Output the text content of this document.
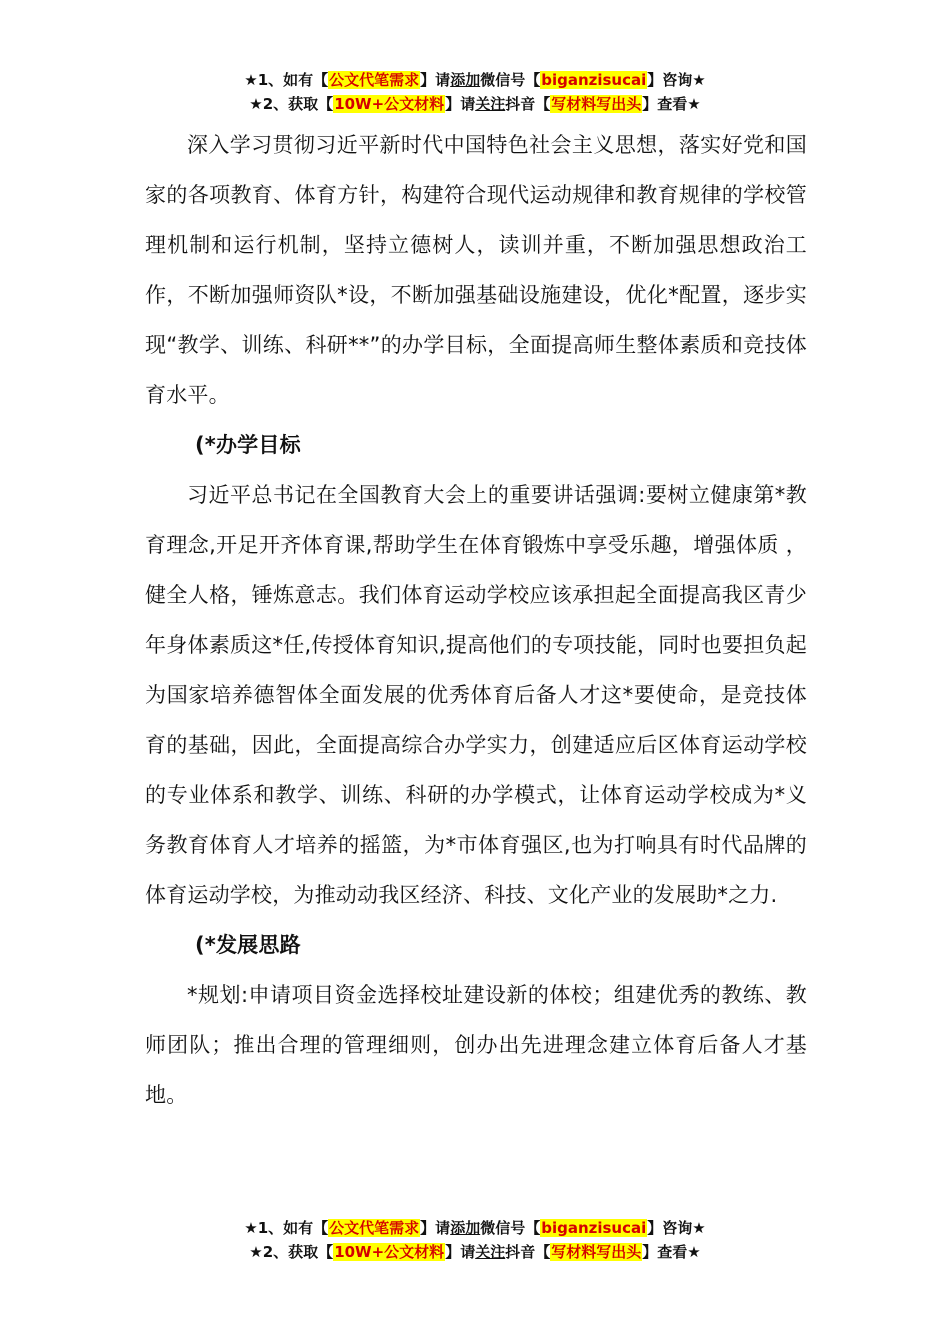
★1、如有【公文代笔需求】请添加微信号【biganzisucai】咨询★
★2、获取【10W+公文材料】请关注抖音【写材料写出头】查看★

深入学习贯彻习近平新时代中国特色社会主义思想，落实好党和国家的各项教育、体育方针，构建符合现代运动规律和教育规律的学校管理机制和运行机制，坚持立德树人，读训并重，不断加强思想政治工作，不断加强师资队*设，不断加强基础设施建设，优化*配置，逐步实现“教学、训练、科研**”的办学目标，全面提高师生整体素质和竞技体育水平。

(*办学目标

习近平总书记在全国教育大会上的重要讲话强调:要树立健康第*教育理念,开足开齐体育课,帮助学生在体育锻炼中享受乐趣，增强体质 ，健全人格，锤炼意志。我们体育运动学校应该承担起全面提高我区青少年身体素质这*任,传授体育知识,提高他们的专项技能，同时也要担负起为国家培养德智体全面发展的优秀体育后备人才这*要使命，是竞技体育的基础，因此，全面提高综合办学实力，创建适应后区体育运动学校的专业体系和教学、训练、科研的办学模式，让体育运动学校成为*义务教育体育人才培养的摇篮，为*市体育强区,也为打响具有时代品牌的体育运动学校，为推动动我区经济、科技、文化产业的发展助*之力.

(*发展思路

*规划:申请项目资金选择校址建设新的体校；组建优秀的教练、教师团队；推出合理的管理细则，创办出先进理念建立体育后备人才基地。

★1、如有【公文代笔需求】请添加微信号【biganzisucai】咨询★
★2、获取【10W+公文材料】请关注抖音【写材料写出头】查看★
